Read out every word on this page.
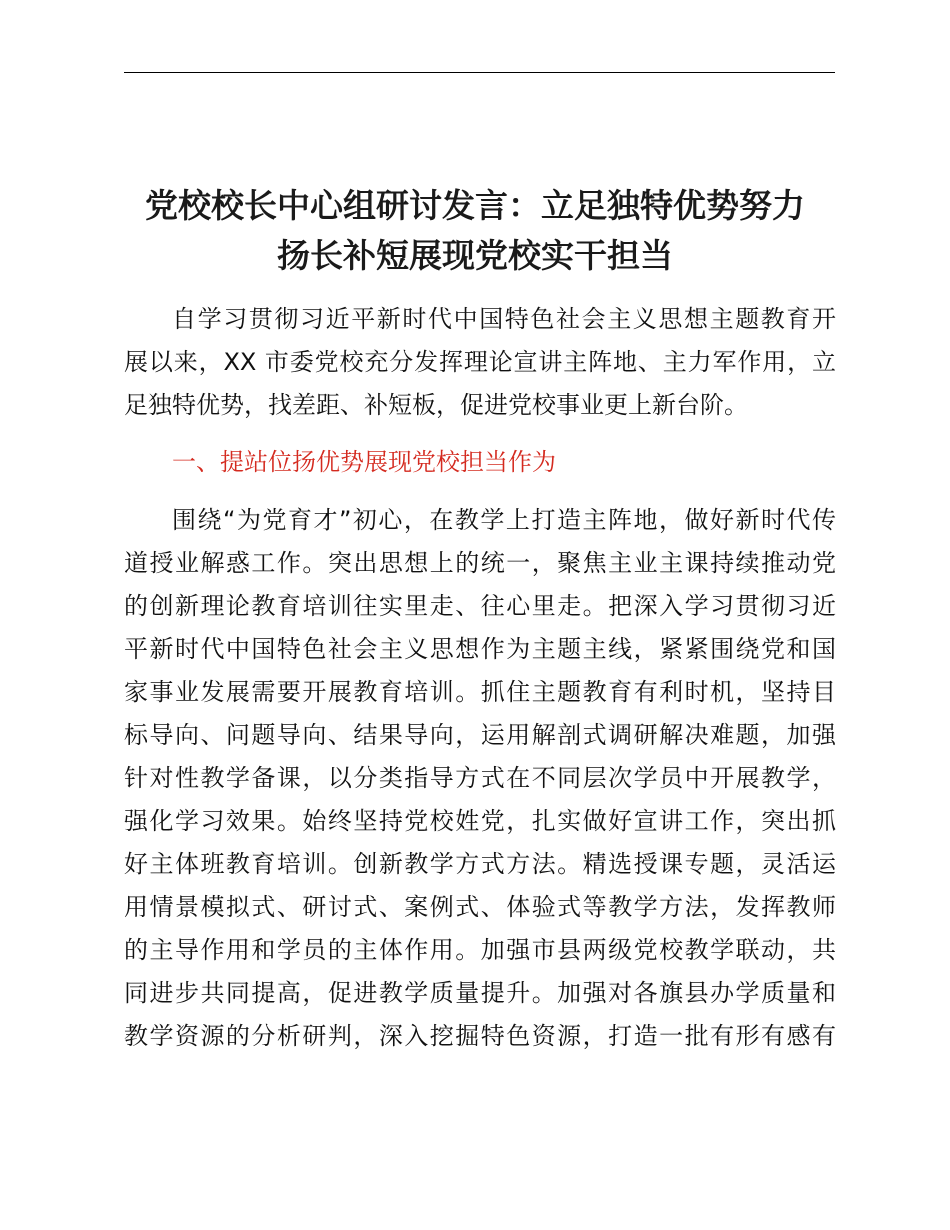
党校校长中心组研讨发言：立足独特优势努力
扬长补短展现党校实干担当
自学习贯彻习近平新时代中国特色社会主义思想主题教育开
展以来，XX 市委党校充分发挥理论宣讲主阵地、主力军作用，立
足独特优势，找差距、补短板，促进党校事业更上新台阶。
一、提站位扬优势展现党校担当作为
围绕“为党育才”初心，在教学上打造主阵地，做好新时代传
道授业解惑工作。突出思想上的统一，聚焦主业主课持续推动党
的创新理论教育培训往实里走、往心里走。把深入学习贯彻习近
平新时代中国特色社会主义思想作为主题主线，紧紧围绕党和国
家事业发展需要开展教育培训。抓住主题教育有利时机，坚持目
标导向、问题导向、结果导向，运用解剖式调研解决难题，加强
针对性教学备课，以分类指导方式在不同层次学员中开展教学，
强化学习效果。始终坚持党校姓党，扎实做好宣讲工作，突出抓
好主体班教育培训。创新教学方式方法。精选授课专题，灵活运
用情景模拟式、研讨式、案例式、体验式等教学方法，发挥教师
的主导作用和学员的主体作用。加强市县两级党校教学联动，共
同进步共同提高，促进教学质量提升。加强对各旗县办学质量和
教学资源的分析研判，深入挖掘特色资源，打造一批有形有感有
